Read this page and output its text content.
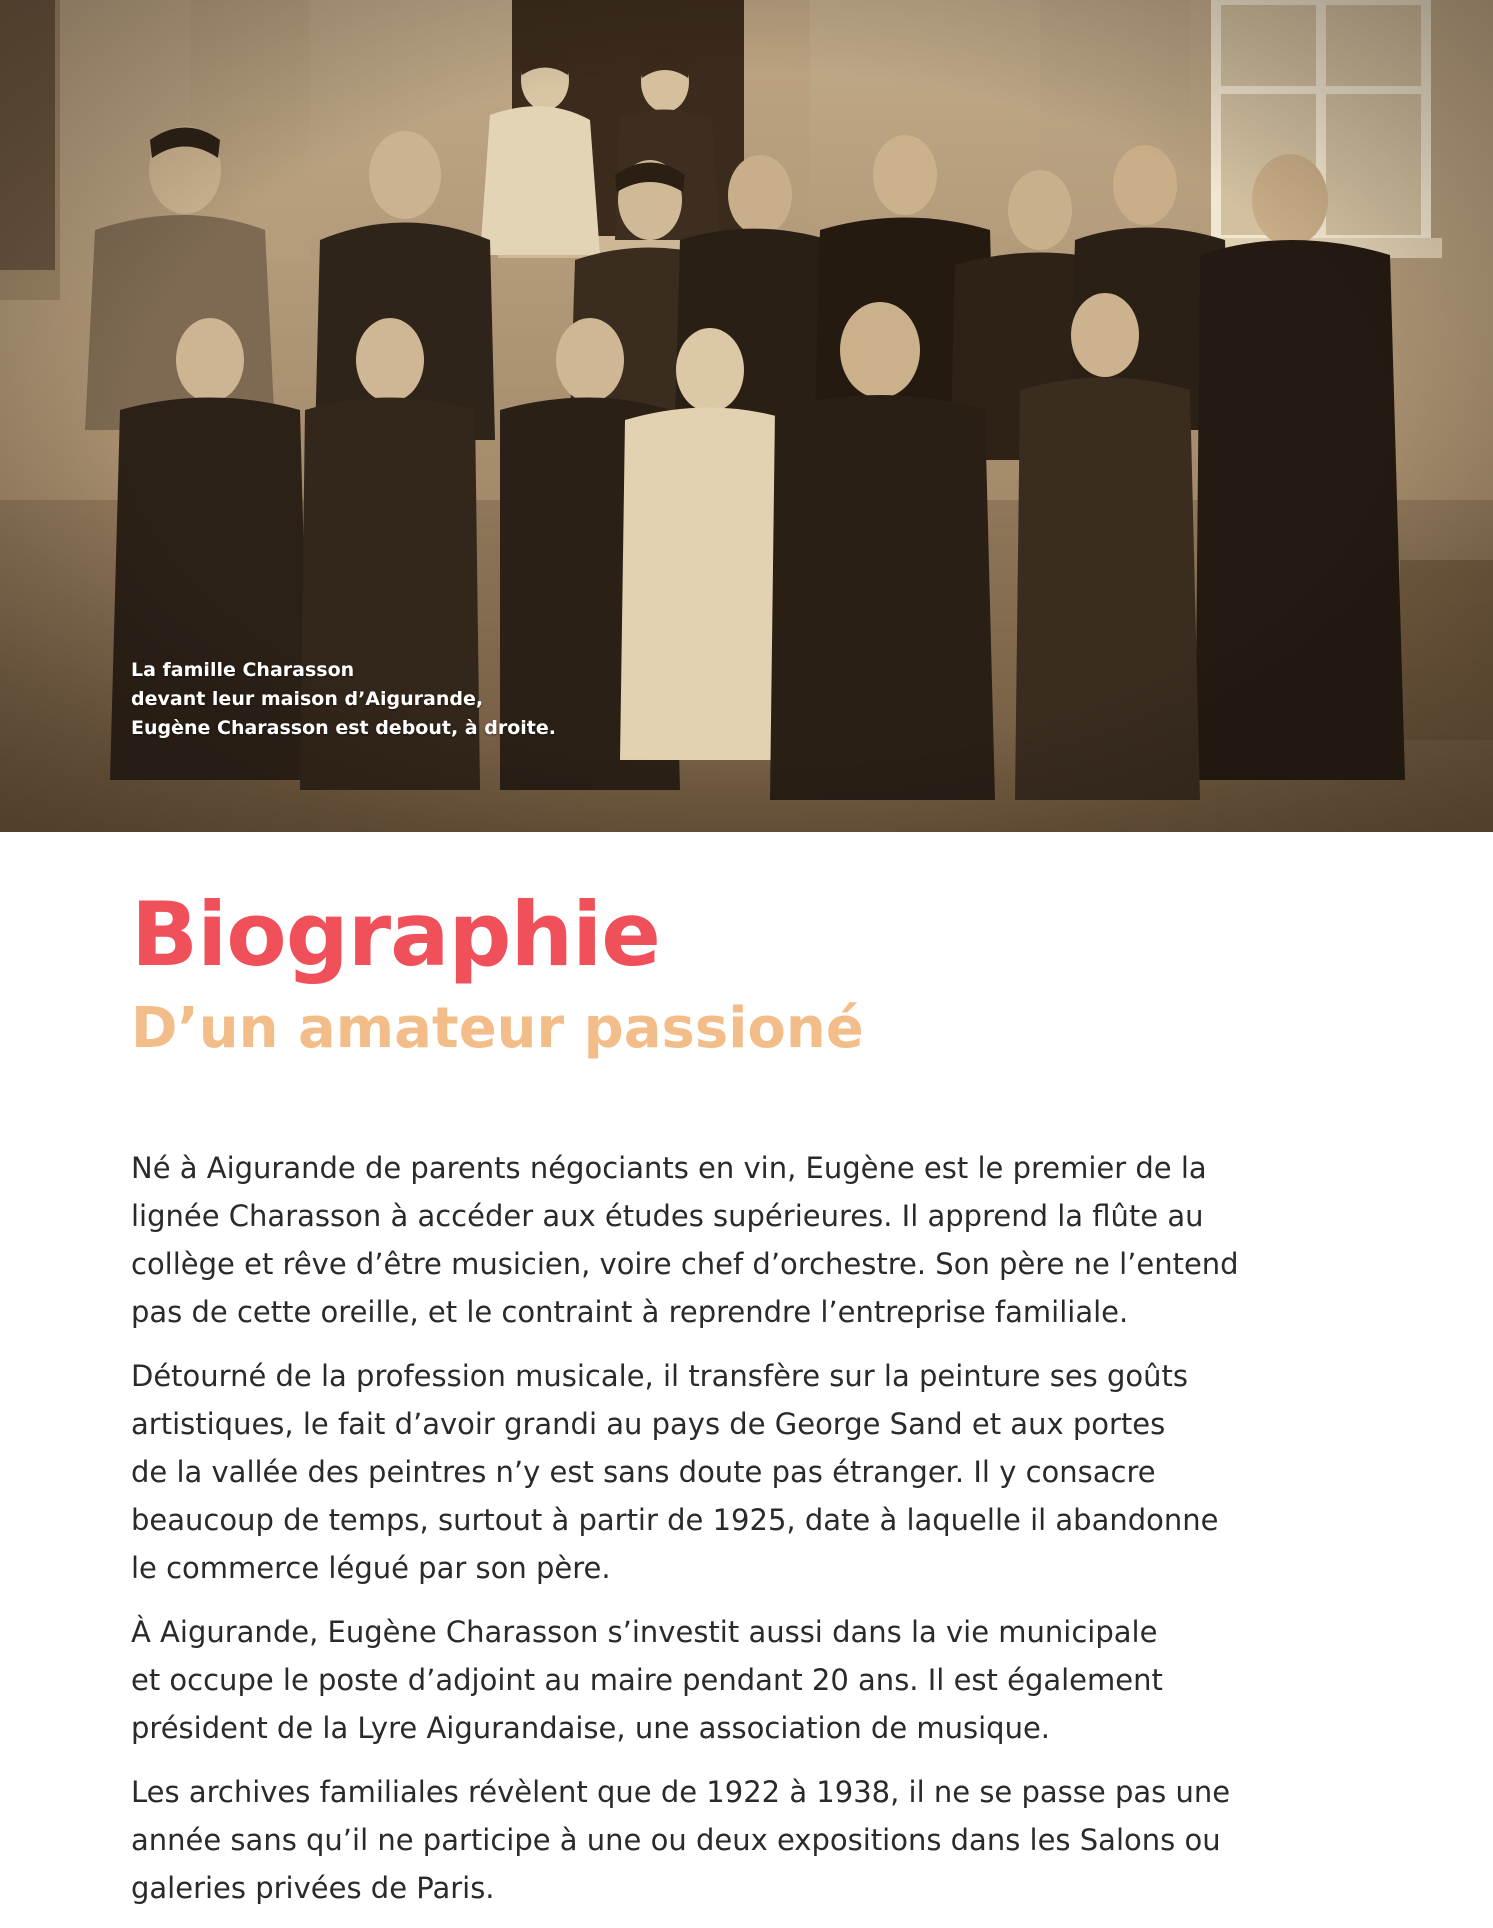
La famille Charasson
devant leur maison d’Aigurande,
Eugène Charasson est debout, à droite.
Biographie
D’un amateur passioné

Né à Aigurande de parents négociants en vin, Eugène est le premier de la
lignée Charasson à accéder aux études supérieures. Il apprend la flûte au
collège et rêve d’être musicien, voire chef d’orchestre. Son père ne l’entend
pas de cette oreille, et le contraint à reprendre l’entreprise familiale.

Détourné de la profession musicale, il transfère sur la peinture ses goûts
artistiques, le fait d’avoir grandi au pays de George Sand et aux portes
de la vallée des peintres n’y est sans doute pas étranger. Il y consacre
beaucoup de temps, surtout à partir de 1925, date à laquelle il abandonne
le commerce légué par son père.

À Aigurande, Eugène Charasson s’investit aussi dans la vie municipale
et occupe le poste d’adjoint au maire pendant 20 ans. Il est également
président de la Lyre Aigurandaise, une association de musique.

Les archives familiales révèlent que de 1922 à 1938, il ne se passe pas une
année sans qu’il ne participe à une ou deux expositions dans les Salons ou
galeries privées de Paris.
